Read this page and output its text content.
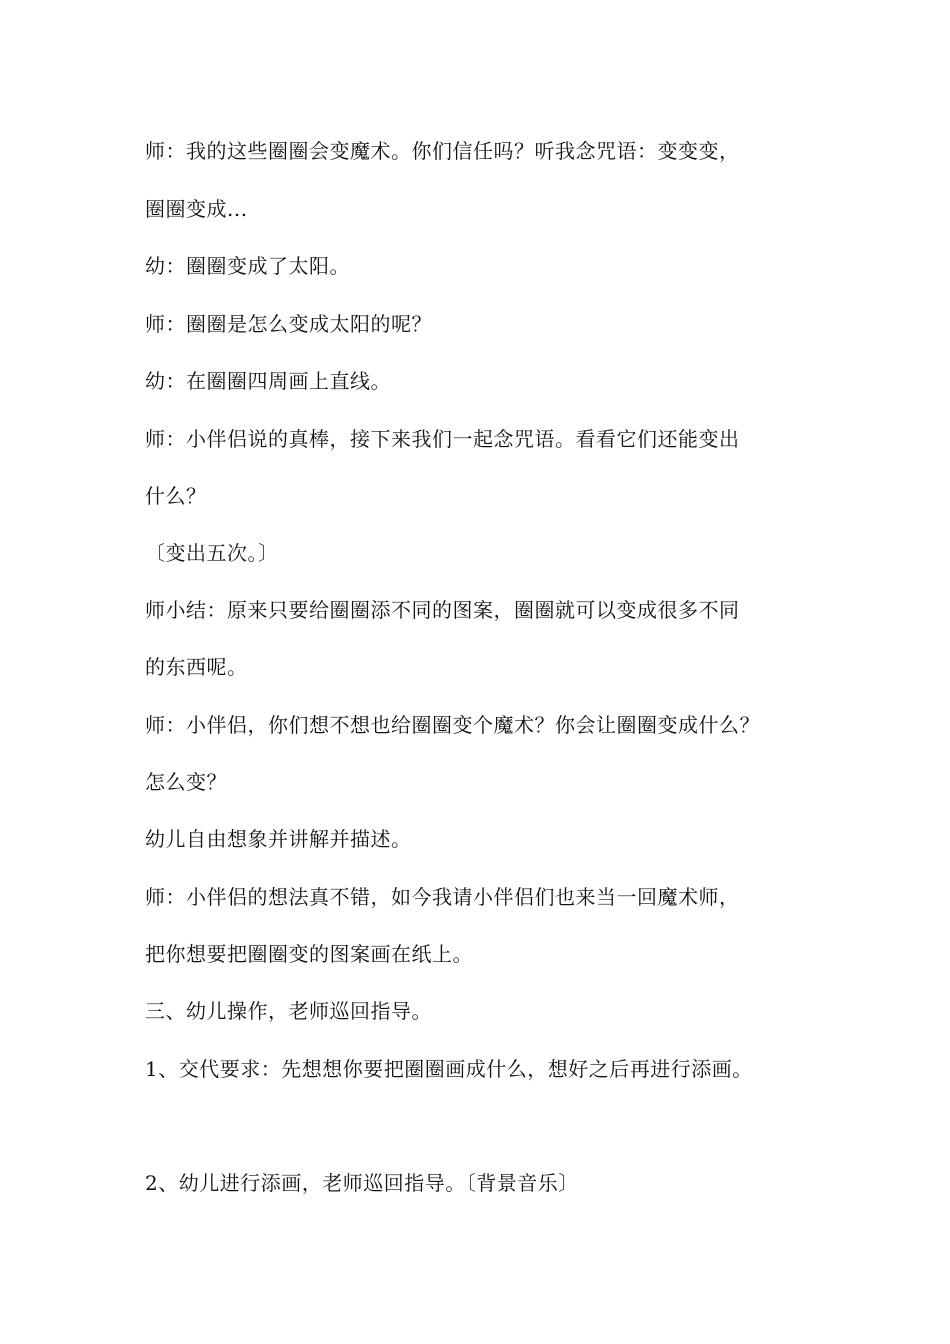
师：我的这些圈圈会变魔术。你们信任吗？听我念咒语：变变变，
圈圈变成...
幼：圈圈变成了太阳。
师：圈圈是怎么变成太阳的呢？
幼：在圈圈四周画上直线。
师：小伴侣说的真棒，接下来我们一起念咒语。看看它们还能变出
什么？
〔变出五次。〕
师小结：原来只要给圈圈添不同的图案，圈圈就可以变成很多不同
的东西呢。
师：小伴侣，你们想不想也给圈圈变个魔术？你会让圈圈变成什么？
怎么变？
幼儿自由想象并讲解并描述。
师：小伴侣的想法真不错，如今我请小伴侣们也来当一回魔术师，
把你想要把圈圈变的图案画在纸上。
三、幼儿操作，老师巡回指导。
1、交代要求：先想想你要把圈圈画成什么，想好之后再进行添画。
2、幼儿进行添画，老师巡回指导。〔背景音乐〕
